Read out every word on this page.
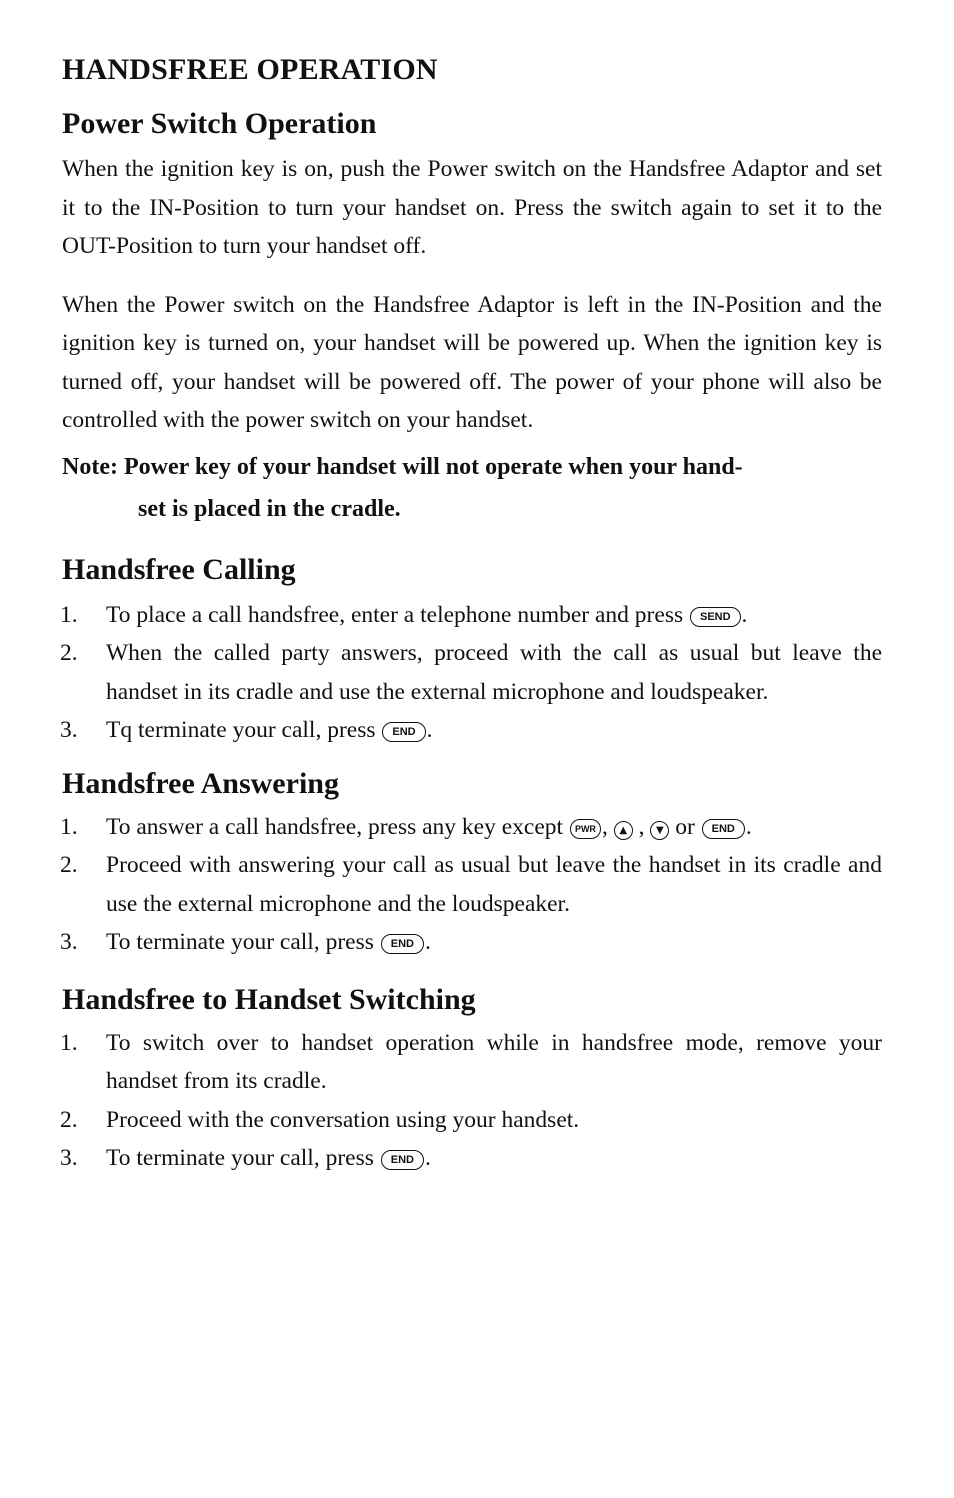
HANDSFREE OPERATION
Power Switch Operation

When the ignition key is on, push the Power switch on the Handsfree Adaptor and set it to the IN-Position to turn your handset on. Press the switch again to set it to the OUT-Position to turn your handset off.

When the Power switch on the Handsfree Adaptor is left in the IN-Position and the ignition key is turned on, your handset will be powered up. When the ignition key is turned off, your handset will be powered off. The power of your phone will also be controlled with the power switch on your handset.

Note: Power key of your handset will not operate when your hand-
set is placed in the cradle.
Handsfree Calling
1. To place a call handsfree, enter a telephone number and press SEND .
2. When the called party answers, proceed with the call as usual but leave the handset in its cradle and use the external microphone and loudspeaker.
3. Tq terminate your call, press END .
Handsfree Answering
1. To answer a call handsfree, press any key except PWR , ▲ , ▼ or END .
2. Proceed with answering your call as usual but leave the handset in its cradle and use the external microphone and the loudspeaker.
3. To terminate your call, press END .
Handsfree to Handset Switching
1. To switch over to handset operation while in handsfree mode, remove your handset from its cradle.
2. Proceed with the conversation using your handset.
3. To terminate your call, press END .
